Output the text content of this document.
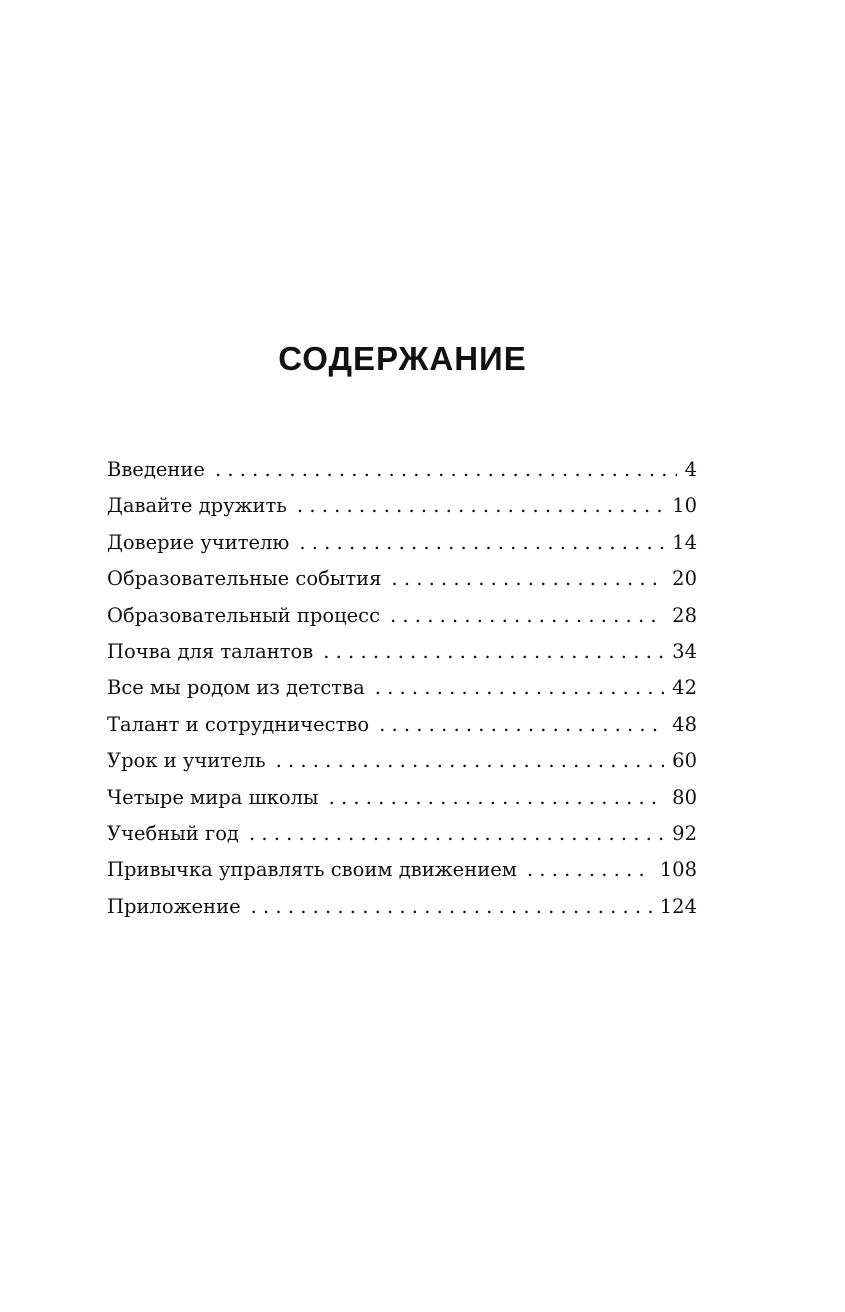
СОДЕРЖАНИЕ
Введение . . .	4
Давайте дружить . . .	10
Доверие учителю . . .	14
Образовательные события . . .	20
Образовательный процесс . . .	28
Почва для талантов . . .	34
Все мы родом из детства . . .	42
Талант и сотрудничество . . .	48
Урок и учитель . . .	60
Четыре мира школы . . .	80
Учебный год . . .	92
Привычка управлять своим движением . . .	108
Приложение . . .	124
